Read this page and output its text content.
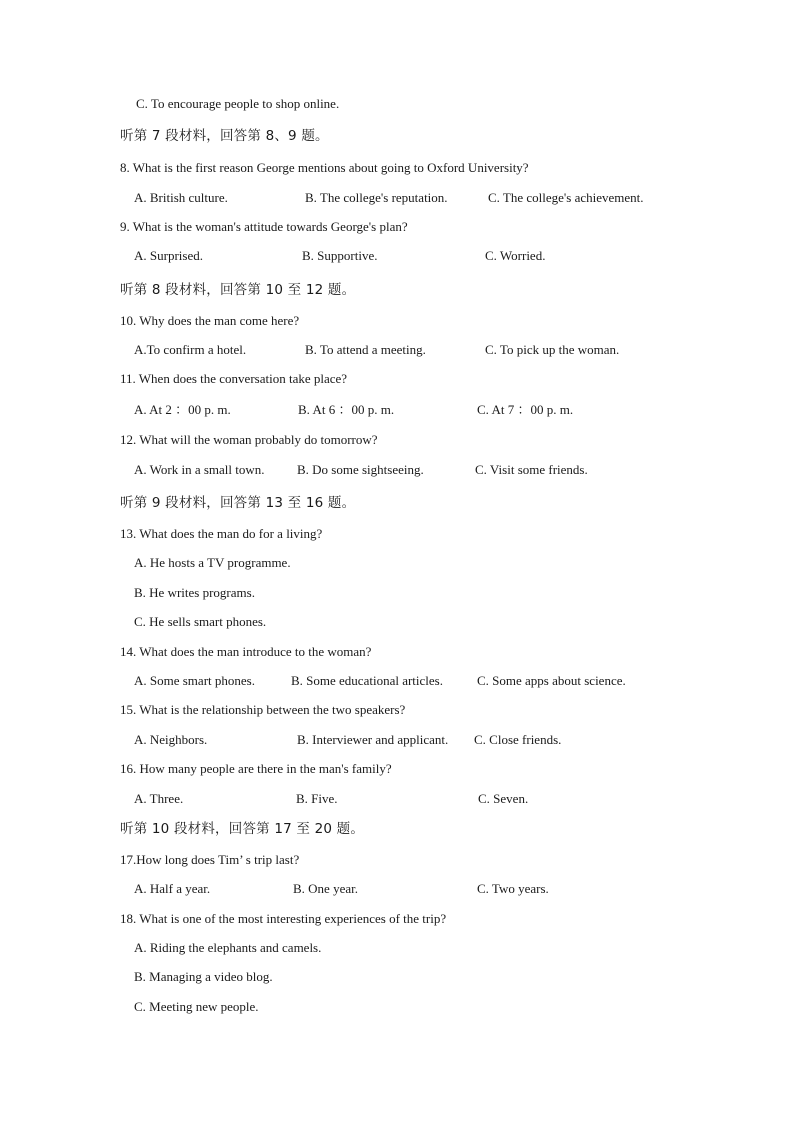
C. To encourage people to shop online.
听第 7 段材料，回答第 8、9 题。
8. What is the first reason George mentions about going to Oxford University?
A. British culture.	B. The college's reputation.	C. The college's achievement.
9. What is the woman's attitude towards George's plan?
A. Surprised.	B. Supportive.	C. Worried.
听第 8 段材料，回答第 10 至 12 题。
10. Why does the man come here?
A.To confirm a hotel.	B. To attend a meeting.	C. To pick up the woman.
11. When does the conversation take place?
A. At 2 ：00 p. m.	B. At 6 ：00 p. m.	C. At 7 ：00 p. m.
12. What will the woman probably do tomorrow?
A. Work in a small town. B. Do some sightseeing.	C. Visit some friends.
听第 9 段材料，回答第 13 至 16 题。
13. What does the man do for a living?
A. He hosts a TV programme.
B. He writes programs.
C. He sells smart phones.
14. What does the man introduce to the woman?
A. Some smart phones.	B. Some educational articles.	C. Some apps about science.
15. What is the relationship between the two speakers?
A. Neighbors.	B. Interviewer and applicant. C. Close friends.
16. How many people are there in the man's family?
A. Three.	B. Five.	C. Seven.
听第 10 段材料，回答第 17 至 20 题。
17.How long does Tim’ s trip last?
A. Half a year.	B. One year.	C. Two years.
18. What is one of the most interesting experiences of the trip?
A. Riding the elephants and camels.
B. Managing a video blog.
C. Meeting new people.
